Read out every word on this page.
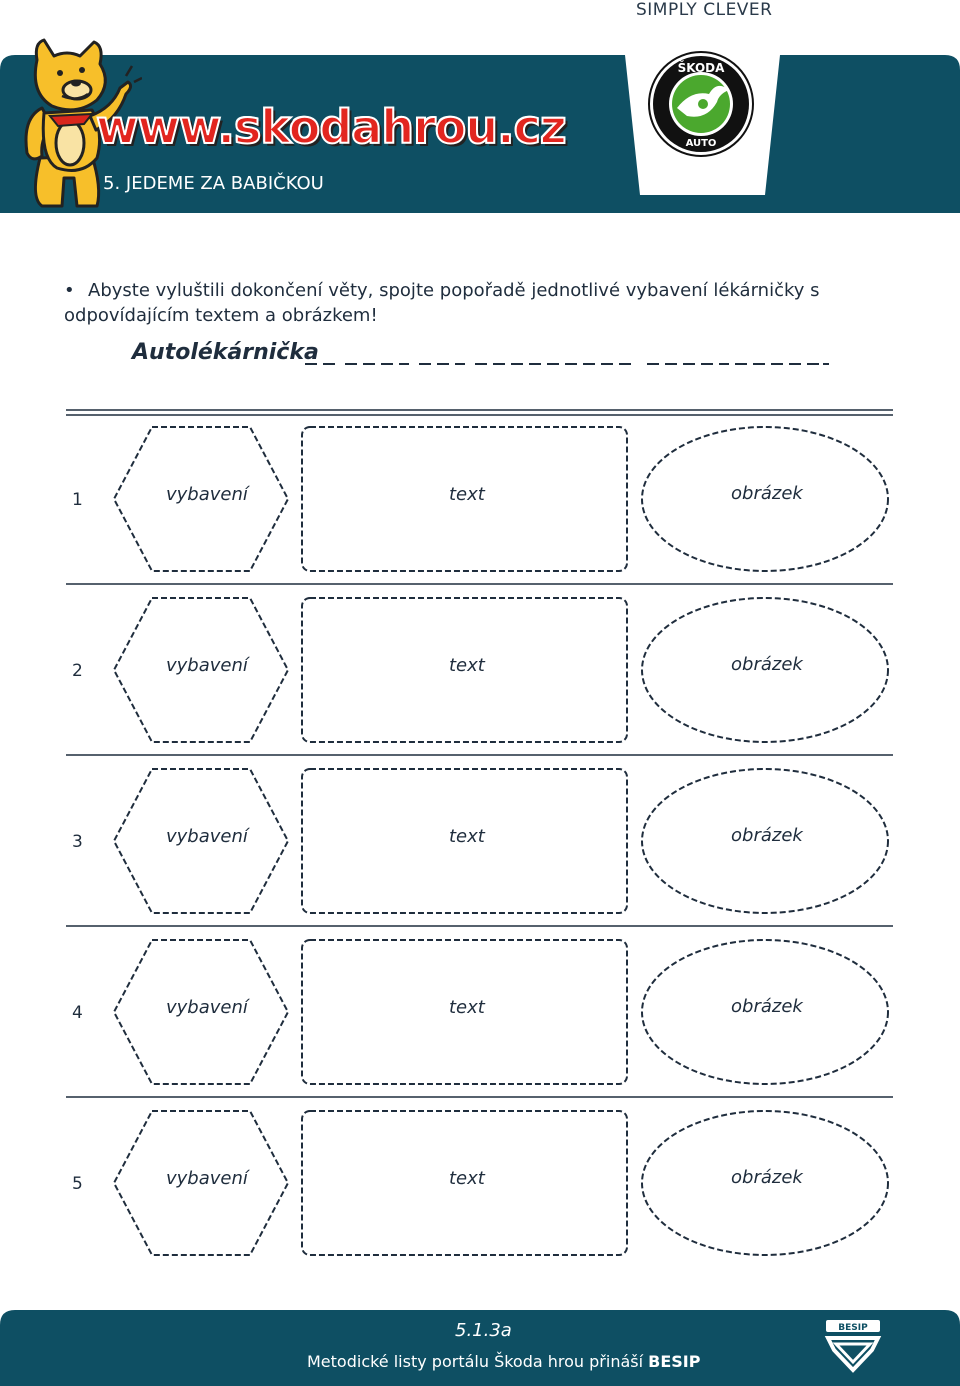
SIMPLY CLEVER
www.skodahrou.cz
5. JEDEME ZA BABIČKOU
ŠKODA
AUTO
• Abyste vyluštili dokončení věty, spojte popořadě jednotlivé vybavení lékárničky s odpovídajícím textem a obrázkem!
Autolékárnička
1	vybavení	text	obrázek
2	vybavení	text	obrázek
3	vybavení	text	obrázek
4	vybavení	text	obrázek
5	vybavení	text	obrázek
5.1.3a
Metodické listy portálu Škoda hrou přináší BESIP
BESIP
